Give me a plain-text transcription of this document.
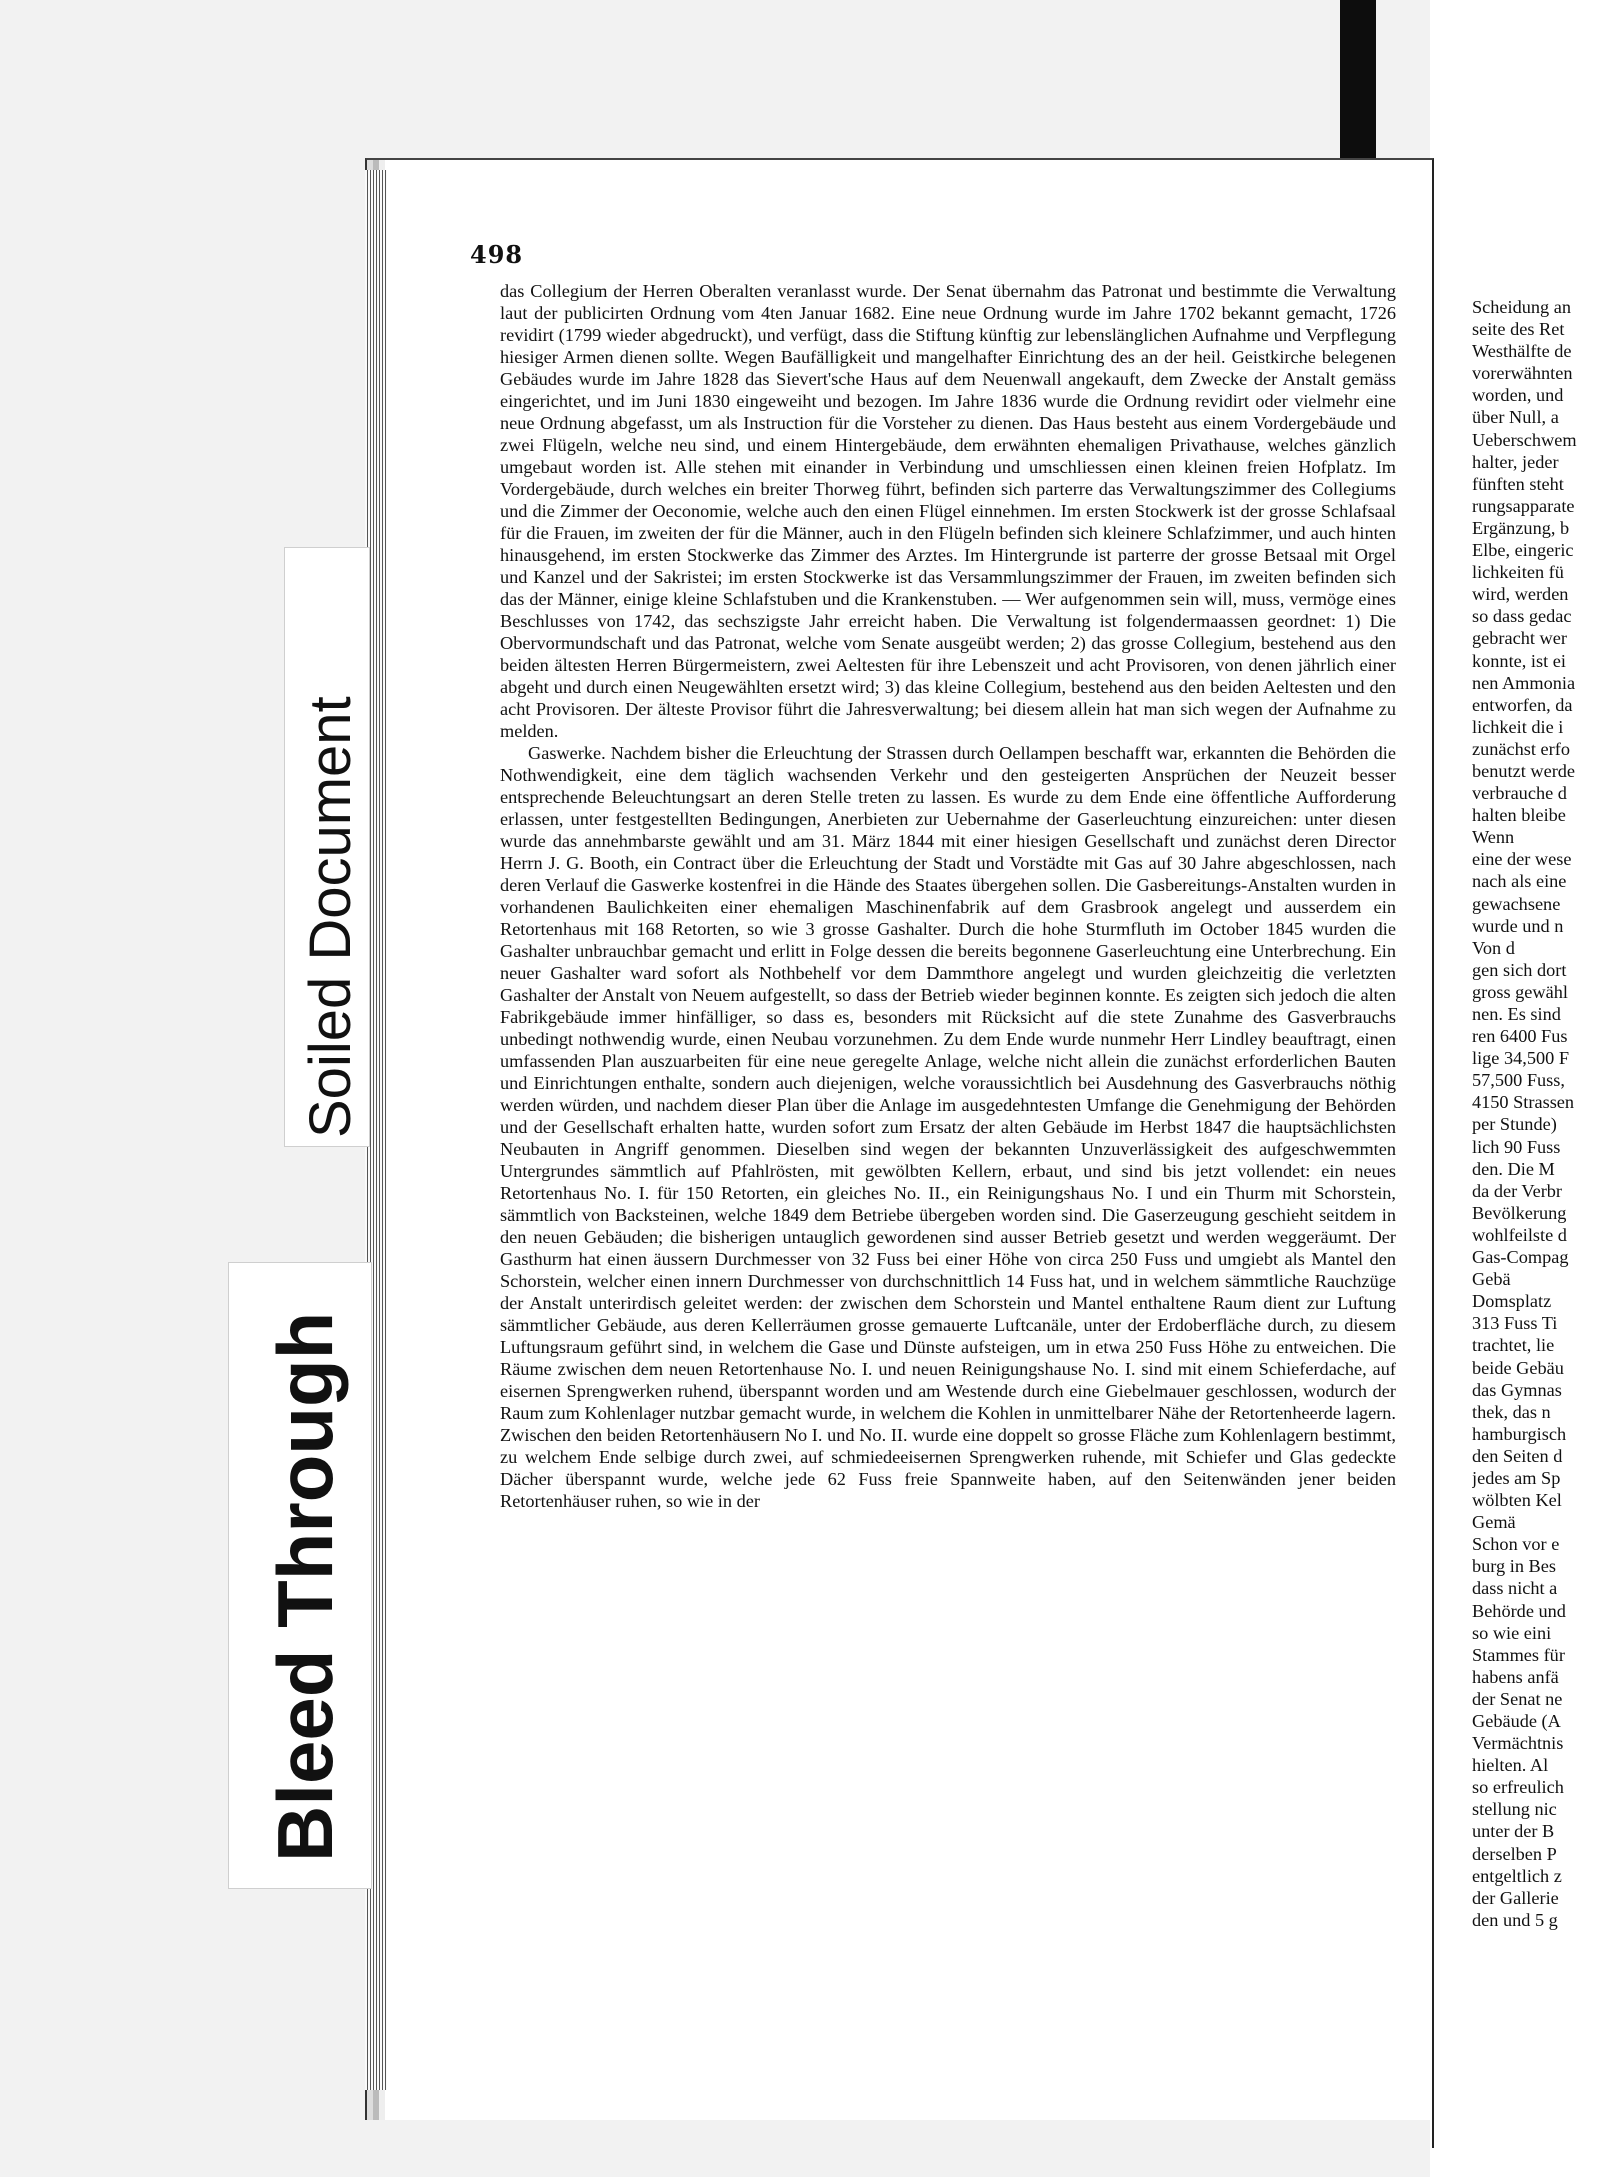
498

das Collegium der Herren Oberalten veranlasst wurde. Der Senat übernahm das Patronat und bestimmte die Verwaltung laut der publicirten Ordnung vom 4ten Januar 1682. Eine neue Ordnung wurde im Jahre 1702 bekannt gemacht, 1726 revidirt (1799 wieder abgedruckt), und verfügt, dass die Stiftung künftig zur lebenslänglichen Aufnahme und Verpflegung hiesiger Armen dienen sollte. Wegen Baufälligkeit und mangelhafter Einrichtung des an der heil. Geistkirche belegenen Gebäudes wurde im Jahre 1828 das Sievert'sche Haus auf dem Neuenwall angekauft, dem Zwecke der Anstalt gemäss eingerichtet, und im Juni 1830 eingeweiht und bezogen. Im Jahre 1836 wurde die Ordnung revidirt oder vielmehr eine neue Ordnung abgefasst, um als Instruction für die Vorsteher zu dienen. Das Haus besteht aus einem Vordergebäude und zwei Flügeln, welche neu sind, und einem Hintergebäude, dem erwähnten ehemaligen Privathause, welches gänzlich umgebaut worden ist. Alle stehen mit einander in Verbindung und umschliessen einen kleinen freien Hofplatz. Im Vordergebäude, durch welches ein breiter Thorweg führt, befinden sich parterre das Verwaltungszimmer des Collegiums und die Zimmer der Oeconomie, welche auch den einen Flügel einnehmen. Im ersten Stockwerk ist der grosse Schlafsaal für die Frauen, im zweiten der für die Männer, auch in den Flügeln befinden sich kleinere Schlafzimmer, und auch hinten hinausgehend, im ersten Stockwerke das Zimmer des Arztes. Im Hintergrunde ist parterre der grosse Betsaal mit Orgel und Kanzel und der Sakristei; im ersten Stockwerke ist das Versammlungszimmer der Frauen, im zweiten befinden sich das der Männer, einige kleine Schlafstuben und die Krankenstuben. — Wer aufgenommen sein will, muss, vermöge eines Beschlusses von 1742, das sechszigste Jahr erreicht haben. Die Verwaltung ist folgendermaassen geordnet: 1) Die Obervormundschaft und das Patronat, welche vom Senate ausgeübt werden; 2) das grosse Collegium, bestehend aus den beiden ältesten Herren Bürgermeistern, zwei Aeltesten für ihre Lebenszeit und acht Provisoren, von denen jährlich einer abgeht und durch einen Neugewählten ersetzt wird; 3) das kleine Collegium, bestehend aus den beiden Aeltesten und den acht Provisoren. Der älteste Provisor führt die Jahresverwaltung; bei diesem allein hat man sich wegen der Aufnahme zu melden.

Gaswerke. Nachdem bisher die Erleuchtung der Strassen durch Oellampen beschafft war, erkannten die Behörden die Nothwendigkeit, eine dem täglich wachsenden Verkehr und den gesteigerten Ansprüchen der Neuzeit besser entsprechende Beleuchtungsart an deren Stelle treten zu lassen. Es wurde zu dem Ende eine öffentliche Aufforderung erlassen, unter festgestellten Bedingungen, Anerbieten zur Uebernahme der Gaserleuchtung einzureichen: unter diesen wurde das annehmbarste gewählt und am 31. März 1844 mit einer hiesigen Gesellschaft und zunächst deren Director Herrn J. G. Booth, ein Contract über die Erleuchtung der Stadt und Vorstädte mit Gas auf 30 Jahre abgeschlossen, nach deren Verlauf die Gaswerke kostenfrei in die Hände des Staates übergehen sollen. Die Gasbereitungs-Anstalten wurden in vorhandenen Baulichkeiten einer ehemaligen Maschinenfabrik auf dem Grasbrook angelegt und ausserdem ein Retortenhaus mit 168 Retorten, so wie 3 grosse Gashalter. Durch die hohe Sturmfluth im October 1845 wurden die Gashalter unbrauchbar gemacht und erlitt in Folge dessen die bereits begonnene Gaserleuchtung eine Unterbrechung. Ein neuer Gashalter ward sofort als Nothbehelf vor dem Dammthore angelegt und wurden gleichzeitig die verletzten Gashalter der Anstalt von Neuem aufgestellt, so dass der Betrieb wieder beginnen konnte. Es zeigten sich jedoch die alten Fabrikgebäude immer hinfälliger, so dass es, besonders mit Rücksicht auf die stete Zunahme des Gasverbrauchs unbedingt nothwendig wurde, einen Neubau vorzunehmen. Zu dem Ende wurde nunmehr Herr Lindley beauftragt, einen umfassenden Plan auszuarbeiten für eine neue geregelte Anlage, welche nicht allein die zunächst erforderlichen Bauten und Einrichtungen enthalte, sondern auch diejenigen, welche voraussichtlich bei Ausdehnung des Gasverbrauchs nöthig werden würden, und nachdem dieser Plan über die Anlage im ausgedehntesten Umfange die Genehmigung der Behörden und der Gesellschaft erhalten hatte, wurden sofort zum Ersatz der alten Gebäude im Herbst 1847 die hauptsächlichsten Neubauten in Angriff genommen. Dieselben sind wegen der bekannten Unzuverlässigkeit des aufgeschwemmten Untergrundes sämmtlich auf Pfahlrösten, mit gewölbten Kellern, erbaut, und sind bis jetzt vollendet: ein neues Retortenhaus No. I. für 150 Retorten, ein gleiches No. II., ein Reinigungshaus No. I und ein Thurm mit Schorstein, sämmtlich von Backsteinen, welche 1849 dem Betriebe übergeben worden sind. Die Gaserzeugung geschieht seitdem in den neuen Gebäuden; die bisherigen untauglich gewordenen sind ausser Betrieb gesetzt und werden weggeräumt. Der Gasthurm hat einen äussern Durchmesser von 32 Fuss bei einer Höhe von circa 250 Fuss und umgiebt als Mantel den Schorstein, welcher einen innern Durchmesser von durchschnittlich 14 Fuss hat, und in welchem sämmtliche Rauchzüge der Anstalt unterirdisch geleitet werden: der zwischen dem Schorstein und Mantel enthaltene Raum dient zur Luftung sämmtlicher Gebäude, aus deren Kellerräumen grosse gemauerte Luftcanäle, unter der Erdoberfläche durch, zu diesem Luftungsraum geführt sind, in welchem die Gase und Dünste aufsteigen, um in etwa 250 Fuss Höhe zu entweichen. Die Räume zwischen dem neuen Retortenhause No. I. und neuen Reinigungshause No. I. sind mit einem Schieferdache, auf eisernen Sprengwerken ruhend, überspannt worden und am Westende durch eine Giebelmauer geschlossen, wodurch der Raum zum Kohlenlager nutzbar gemacht wurde, in welchem die Kohlen in unmittelbarer Nähe der Retortenheerde lagern. Zwischen den beiden Retortenhäusern No I. und No. II. wurde eine doppelt so grosse Fläche zum Kohlenlagern bestimmt, zu welchem Ende selbige durch zwei, auf schmiedeeisernen Sprengwerken ruhende, mit Schiefer und Glas gedeckte Dächer überspannt wurde, welche jede 62 Fuss freie Spannweite haben, auf den Seitenwänden jener beiden Retortenhäuser ruhen, so wie in der

Scheidung an
seite des Ret
Westhälfte de
vorerwähnten
worden, und
über Null, a
Ueberschwem
halter, jeder
fünften steht
rungsapparate
Ergänzung, b
Elbe, eingeric
lichkeiten fü
wird, werden
so dass gedac
gebracht wer
konnte, ist ei
nen Ammonia
entworfen, da
lichkeit die i
zunächst erfo
benutzt werde
verbrauche d
halten bleibe
Wenn
eine der wese
nach als eine
gewachsene
wurde und n
Von d
gen sich dort
gross gewähl
nen. Es sind
ren 6400 Fus
lige 34,500 F
57,500 Fuss,
4150 Strassen
per Stunde)
lich 90 Fuss
den. Die M
da der Verbr
Bevölkerung
wohlfeilste d
Gas-Compag
Gebä
Domsplatz
313 Fuss Ti
trachtet, lie
beide Gebäu
das Gymnas
thek, das n
hamburgisch
den Seiten d
jedes am Sp
wölbten Kel
Gemä
Schon vor e
burg in Bes
dass nicht a
Behörde und
so wie eini
Stammes für
habens anfä
der Senat ne
Gebäude (A
Vermächtnis
hielten. Al
so erfreulich
stellung nic
unter der B
derselben P
entgeltlich z
der Gallerie
den und 5 g
Soiled Document
Bleed Through
